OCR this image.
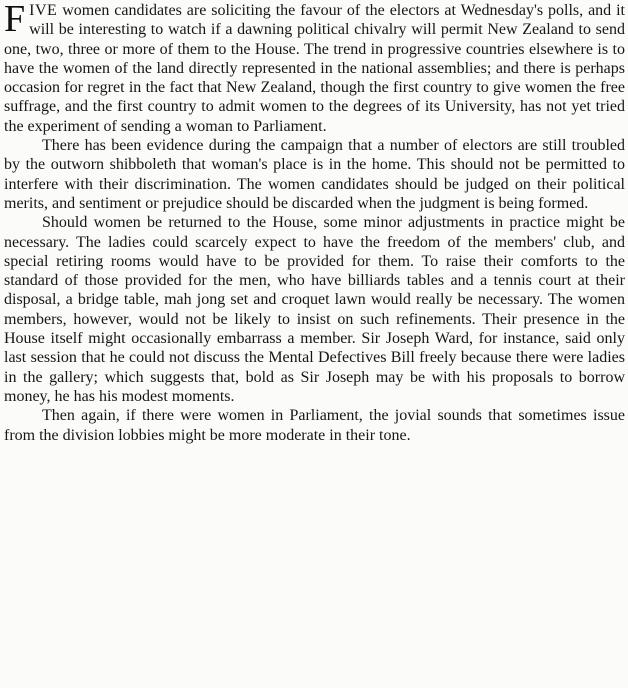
FIVE women candidates are soliciting the favour of the electors at Wednesday's polls, and it will be interesting to watch if a dawning political chivalry will permit New Zealand to send one, two, three or more of them to the House. The trend in progressive countries elsewhere is to have the women of the land directly represented in the national assemblies; and there is perhaps occasion for regret in the fact that New Zealand, though the first country to give women the free suffrage, and the first country to admit women to the degrees of its University, has not yet tried the experiment of sending a woman to Parliament.

There has been evidence during the campaign that a number of electors are still troubled by the outworn shibboleth that woman's place is in the home. This should not be permitted to interfere with their discrimination. The women candidates should be judged on their political merits, and sentiment or prejudice should be discarded when the judgment is being formed.

Should women be returned to the House, some minor adjustments in practice might be necessary. The ladies could scarcely expect to have the freedom of the members' club, and special retiring rooms would have to be provided for them. To raise their comforts to the standard of those provided for the men, who have billiards tables and a tennis court at their disposal, a bridge table, mah jong set and croquet lawn would really be necessary. The women members, however, would not be likely to insist on such refinements. Their presence in the House itself might occasionally embarrass a member. Sir Joseph Ward, for instance, said only last session that he could not discuss the Mental Defectives Bill freely because there were ladies in the gallery; which suggests that, bold as Sir Joseph may be with his proposals to borrow money, he has his modest moments.

Then again, if there were women in Parliament, the jovial sounds that sometimes issue from the division lobbies might be more moderate in their tone.
